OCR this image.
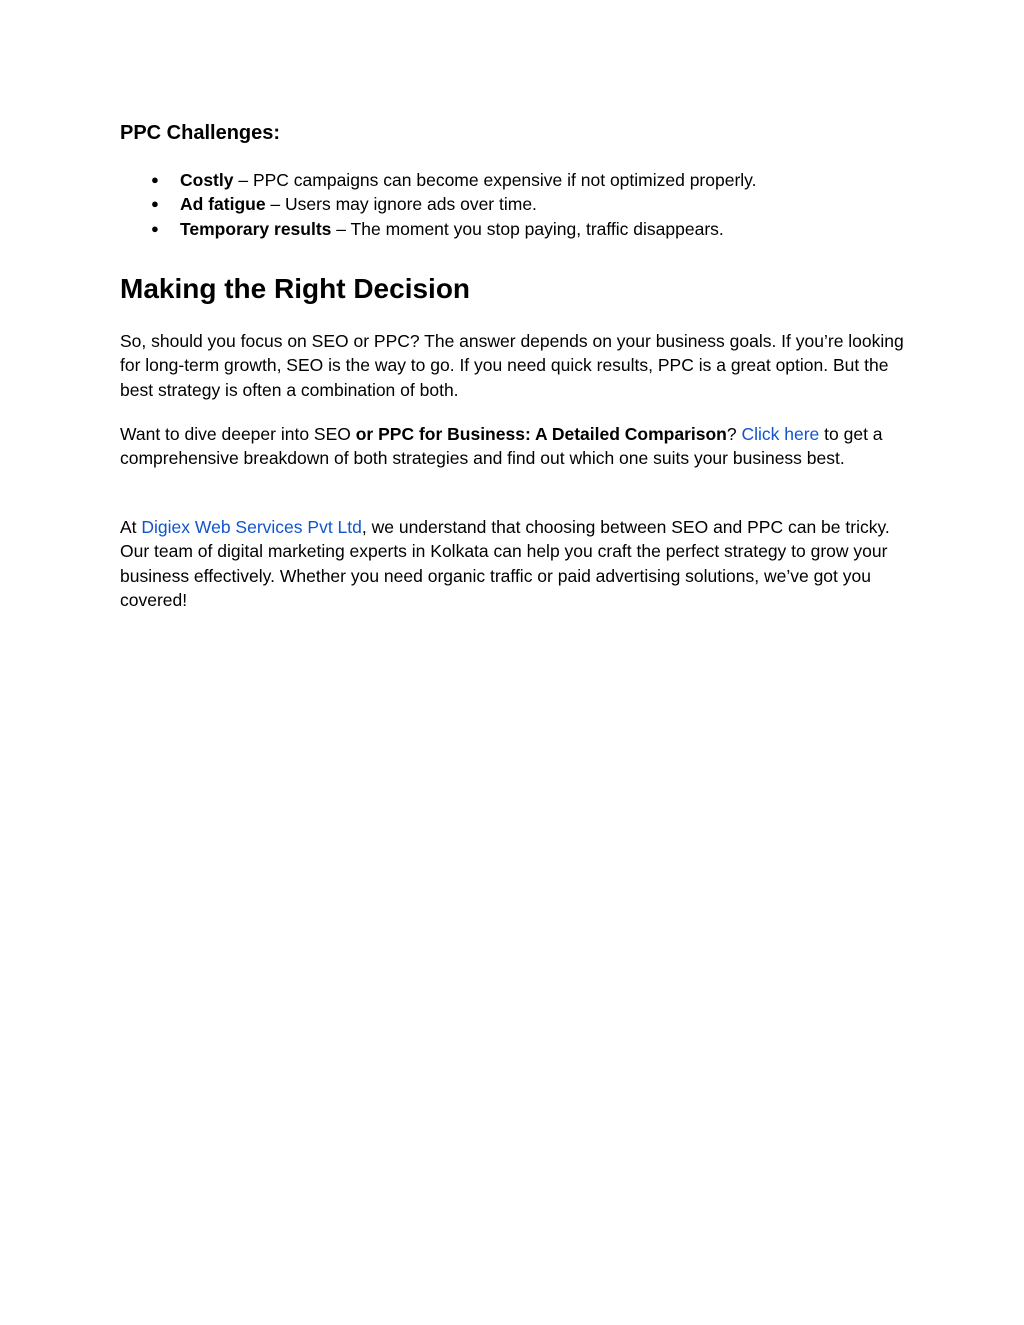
PPC Challenges:
● Costly – PPC campaigns can become expensive if not optimized properly.
● Ad fatigue – Users may ignore ads over time.
● Temporary results – The moment you stop paying, traffic disappears.
Making the Right Decision

So, should you focus on SEO or PPC? The answer depends on your business goals. If you’re looking for long-term growth, SEO is the way to go. If you need quick results, PPC is a great option. But the best strategy is often a combination of both.

Want to dive deeper into SEO or PPC for Business: A Detailed Comparison? Click here to get a comprehensive breakdown of both strategies and find out which one suits your business best.

At Digiex Web Services Pvt Ltd, we understand that choosing between SEO and PPC can be tricky. Our team of digital marketing experts in Kolkata can help you craft the perfect strategy to grow your business effectively. Whether you need organic traffic or paid advertising solutions, we’ve got you covered!
